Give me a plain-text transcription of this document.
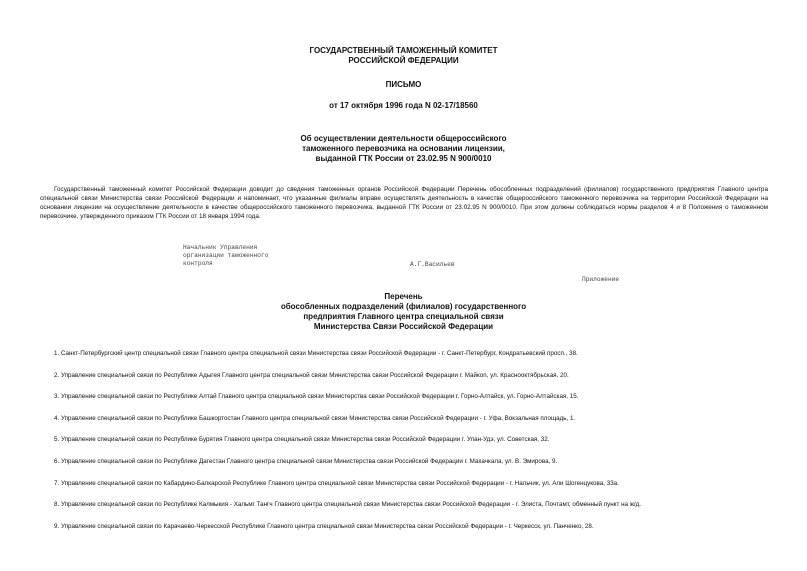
ГОСУДАРСТВЕННЫЙ ТАМОЖЕННЫЙ КОМИТЕТ
РОССИЙСКОЙ ФЕДЕРАЦИИ
ПИСЬМО
от 17 октября 1996 года N 02-17/18560
Об осуществлении деятельности общероссийского
таможенного перевозчика на основании лицензии,
выданной ГТК России от 23.02.95 N 900/0010

Государственный таможенный комитет Российской Федерации доводит до сведения таможенных органов Российской Федерации Перечень обособленных подразделений (филиалов) государственного предприятия Главного центра специальной связи Министерства связи Российской Федерации и напоминает, что указанные филиалы вправе осуществлять деятельность в качестве общероссийского таможенного перевозчика на территории Российской Федерации на основании лицензии на осуществление деятельности в качестве общероссийского таможенного перевозчика, выданной ГТК России от 23.02.95 N 900/0010. При этом должны соблюдаться нормы разделов 4 и 8 Положения о таможенном перевозчике, утвержденного приказом ГТК России от 18 января 1994 года.

Начальник Управления
организации таможенного
контроля	А.Г.Васильев
Приложение
Перечень
обособленных подразделений (филиалов) государственного
предприятия Главного центра специальной связи
Министерства Связи Российской Федерации
1. Санкт-Петербургский центр специальной связи Главного центра специальной связи Министерства связи Российской Федерации - г. Санкт-Петербург, Кондратьевский просп., 38.
2. Управление специальной связи по Республике Адыгея Главного центра специальной связи Министерства связи Российской Федерации г. Майкоп, ул. Красноoктябрьская, 20.
3. Управление специальной связи по Республике Алтай Главного центра специальной связи Министерства связи Российской Федерации г. Горно-Алтайск, ул. Горно-Алтайская, 15.
4. Управление специальной связи по Республике Башкортостан Главного центра специальной связи Министерства связи Российской Федерации - г. Уфа, Вокзальная площадь, 1.
5. Управление специальной связи по Республике Бурятия Главного центра специальной связи Министерства связи Российской Федерации г. Улан-Удэ, ул. Советская, 32.
6. Управление специальной связи по Республике Дагестан Главного центра специальной связи Министерства связи Российской Федерации г. Махачкала, ул. В. Эмирова, 9.
7. Управление специальной связи по Кабардино-Балкарской Республике Главного центра специальной связи Министерства связи Российской Федерации - г. Нальчик, ул. Али Шогенцукова, 33а.
8. Управление специальной связи по Республике Калмыкия - Хальмг Тангч Главного центра специальной связи Министерства связи Российской Федерации - г. Элиста, Почтамт, обменный пункт на ж/д.
9. Управление специальной связи по Карачаево-Черкесской Республике Главного центра специальной связи Министерства связи Российской Федерации - г. Черкесск, ул. Панченко, 28.
